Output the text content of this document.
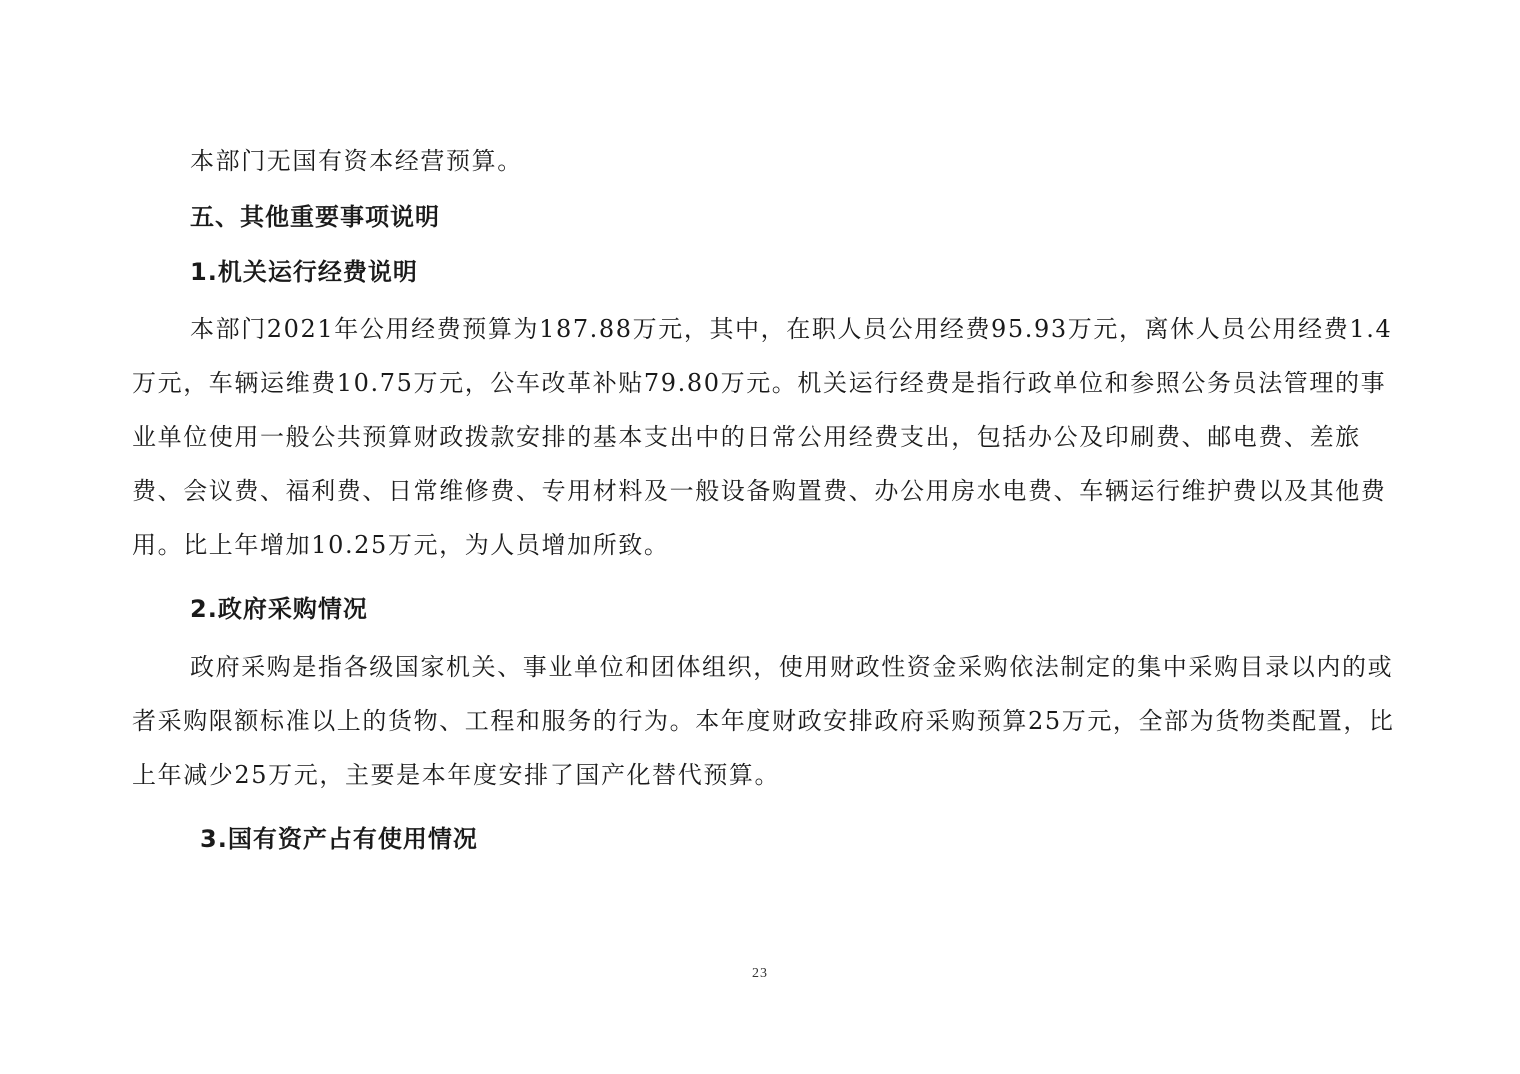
本部门无国有资本经营预算。

五、其他重要事项说明

1.机关运行经费说明

本部门2021年公用经费预算为187.88万元，其中，在职人员公用经费95.93万元，离休人员公用经费1.4万元，车辆运维费10.75万元，公车改革补贴79.80万元。机关运行经费是指行政单位和参照公务员法管理的事业单位使用一般公共预算财政拨款安排的基本支出中的日常公用经费支出，包括办公及印刷费、邮电费、差旅费、会议费、福利费、日常维修费、专用材料及一般设备购置费、办公用房水电费、车辆运行维护费以及其他费用。比上年增加10.25万元，为人员增加所致。

2.政府采购情况

政府采购是指各级国家机关、事业单位和团体组织，使用财政性资金采购依法制定的集中采购目录以内的或者采购限额标准以上的货物、工程和服务的行为。本年度财政安排政府采购预算25万元，全部为货物类配置，比上年减少25万元，主要是本年度安排了国产化替代预算。

3.国有资产占有使用情况

23
